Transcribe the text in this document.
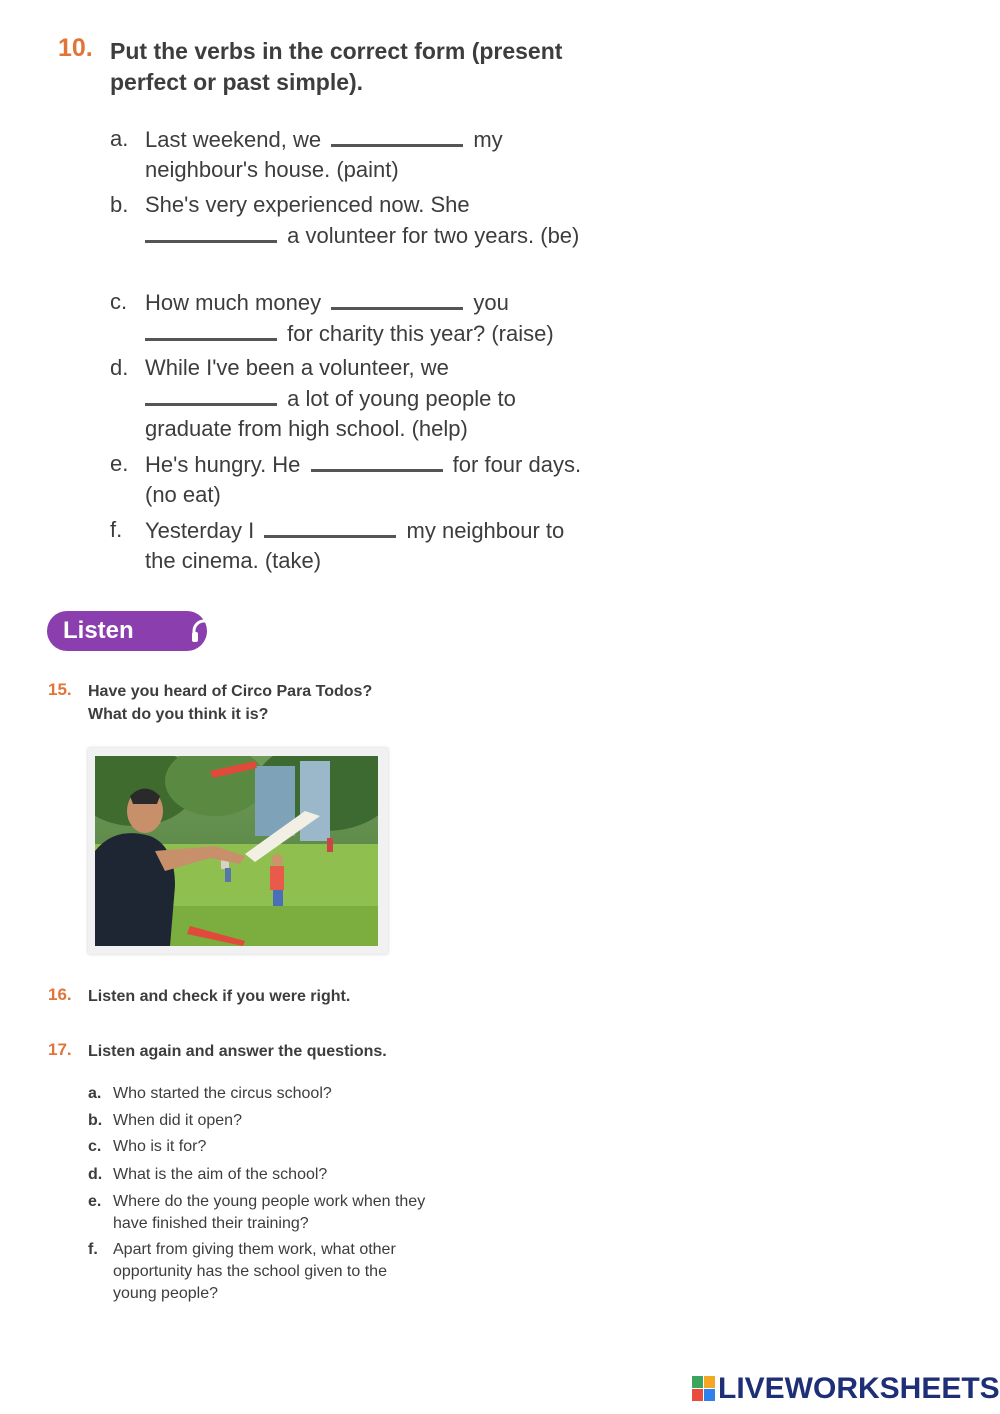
10. Put the verbs in the correct form (present perfect or past simple).
a. Last weekend, we	my neighbour's house. (paint)
b. She's very experienced now. She
a volunteer for two years. (be)
c. How much money	you
for charity this year? (raise)
d. While I've been a volunteer, we
a lot of young people to graduate from high school. (help)
e. He's hungry. He	for four days. (no eat)
f. Yesterday I	my neighbour to the cinema. (take)
Listen
15. Have you heard of Circo Para Todos? What do you think it is?
16. Listen and check if you were right.
17. Listen again and answer the questions.
a. Who started the circus school?
b. When did it open?
c. Who is it for?
d. What is the aim of the school?
e. Where do the young people work when they have finished their training?
f. Apart from giving them work, what other opportunity has the school given to the young people?
LIVEWORKSHEETS
